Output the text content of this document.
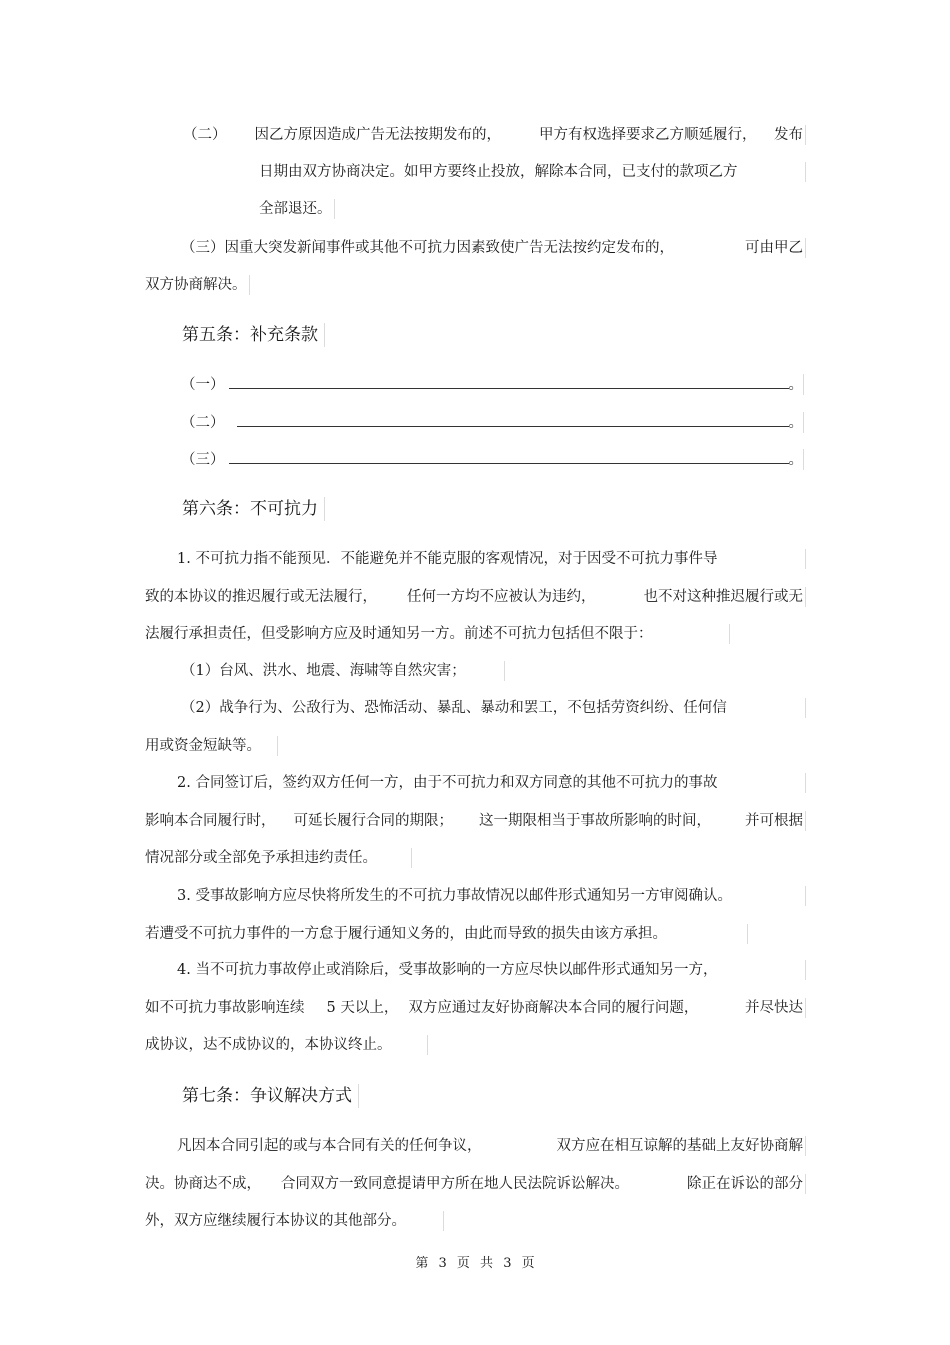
（二） 因乙方原因造成广告无法按期发布的，	甲方有权选择要求乙方顺延履行， 发布
日期由双方协商决定。如甲方要终止投放，解除本合同，已支付的款项乙方
全部退还。
（三）因重大突发新闻事件或其他不可抗力因素致使广告无法按约定发布的，	可由甲乙
双方协商解决。
第五条：补充条款
（一）	。
（二）	。
（三）	。
第六条：不可抗力
1. 不可抗力指不能预见．不能避免并不能克服的客观情况，对于因受不可抗力事件导
致的本协议的推迟履行或无法履行， 任何一方均不应被认为违约，	也不对这种推迟履行或无
法履行承担责任，但受影响方应及时通知另一方。前述不可抗力包括但不限于：
（1）台风、洪水、地震、海啸等自然灾害；
（2）战争行为、公敌行为、恐怖活动、暴乱、暴动和罢工，不包括劳资纠纷、任何信
用或资金短缺等。
2. 合同签订后，签约双方任何一方，由于不可抗力和双方同意的其他不可抗力的事故
影响本合同履行时， 可延长履行合同的期限； 这一期限相当于事故所影响的时间， 并可根据
情况部分或全部免予承担违约责任。
3. 受事故影响方应尽快将所发生的不可抗力事故情况以邮件形式通知另一方审阅确认。
若遭受不可抗力事件的一方怠于履行通知义务的，由此而导致的损失由该方承担。
4. 当不可抗力事故停止或消除后，受事故影响的一方应尽快以邮件形式通知另一方，
如不可抗力事故影响连续 5 天以上， 双方应通过友好协商解决本合同的履行问题，	并尽快达
成协议，达不成协议的，本协议终止。
第七条：争议解决方式
凡因本合同引起的或与本合同有关的任何争议，	双方应在相互谅解的基础上友好协商解
决。协商达不成， 合同双方一致同意提请甲方所在地人民法院诉讼解决。	除正在诉讼的部分
外，双方应继续履行本协议的其他部分。
第 3 页 共 3 页
